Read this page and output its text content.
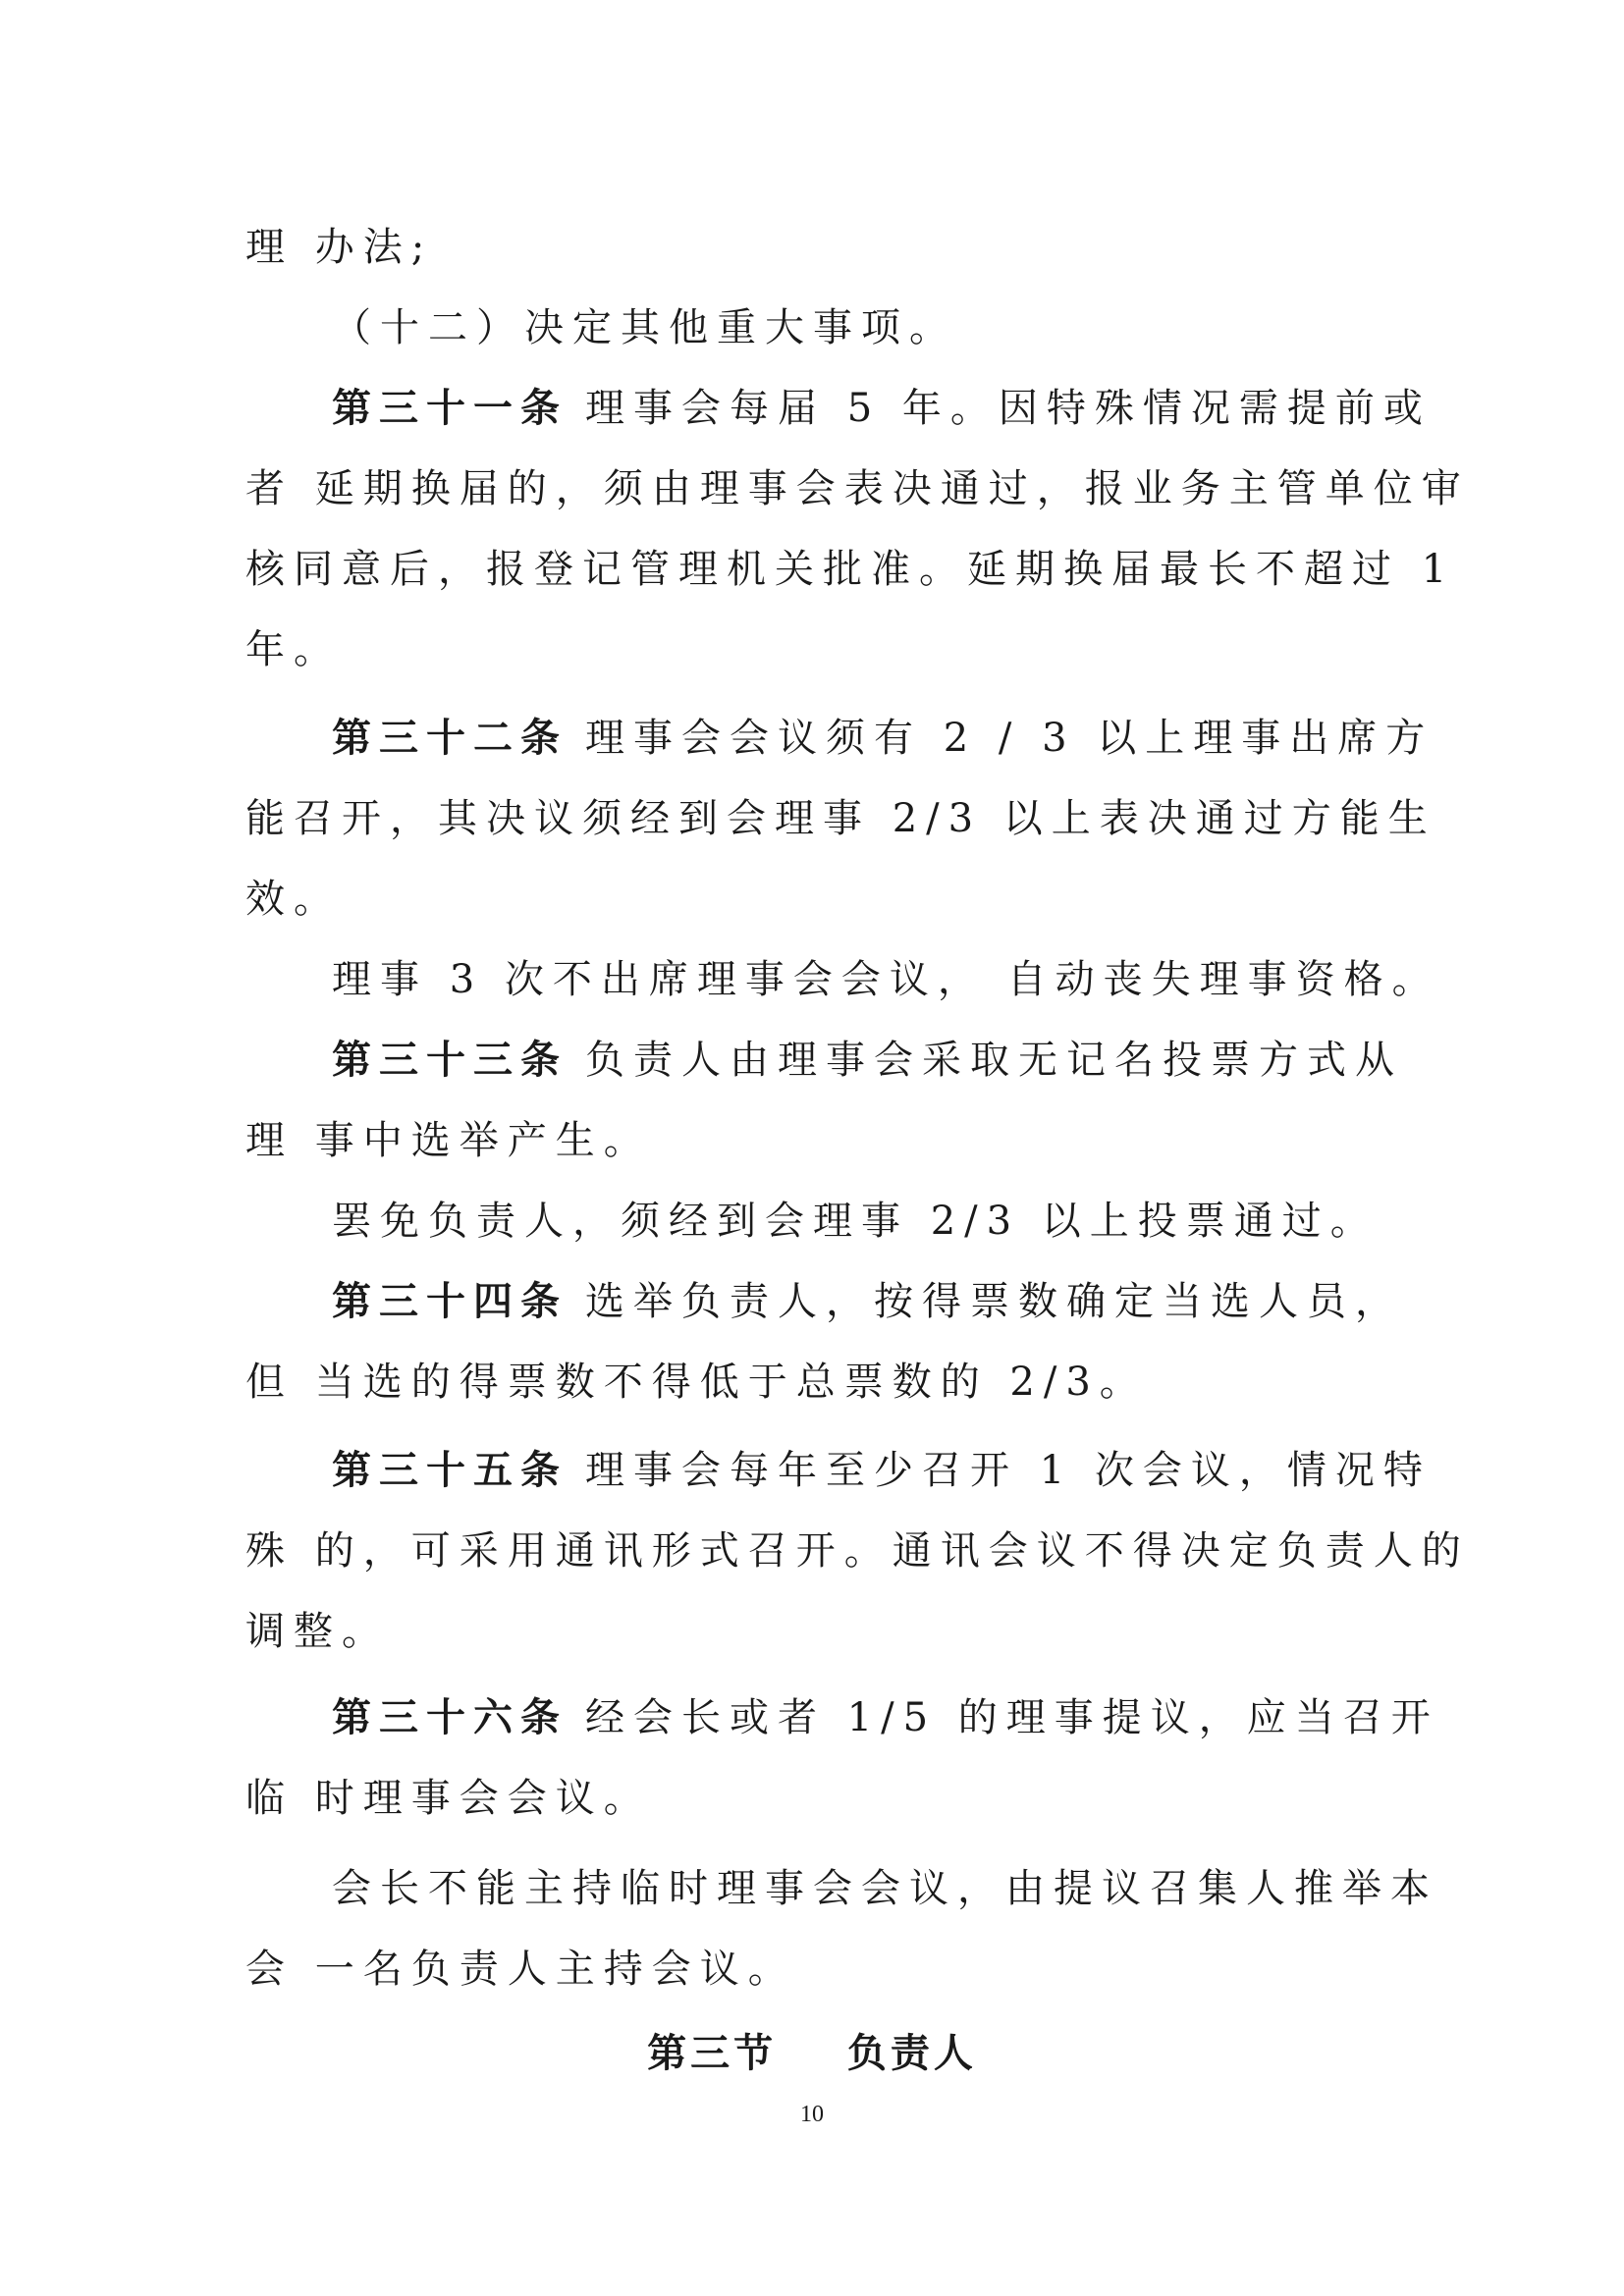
理 办法;
（十二）决定其他重大事项。
第三十一条 理事会每届 5 年。因特殊情况需提前或
者 延期换届的，须由理事会表决通过，报业务主管单位审
核同意后，报登记管理机关批准。延期换届最长不超过 1
年。
第三十二条 理事会会议须有 2 / 3 以上理事出席方
能召开，其决议须经到会理事 2/3 以上表决通过方能生
效。
理事 3 次不出席理事会会议， 自动丧失理事资格。
第三十三条 负责人由理事会采取无记名投票方式从
理 事中选举产生。
罢免负责人，须经到会理事 2/3 以上投票通过。
第三十四条 选举负责人，按得票数确定当选人员，
但 当选的得票数不得低于总票数的 2/3。
第三十五条 理事会每年至少召开 1 次会议，情况特
殊 的，可采用通讯形式召开。通讯会议不得决定负责人的
调整。
第三十六条 经会长或者 1/5 的理事提议，应当召开
临 时理事会会议。
会长不能主持临时理事会会议，由提议召集人推举本
会 一名负责人主持会议。
第三节    负责人
10
